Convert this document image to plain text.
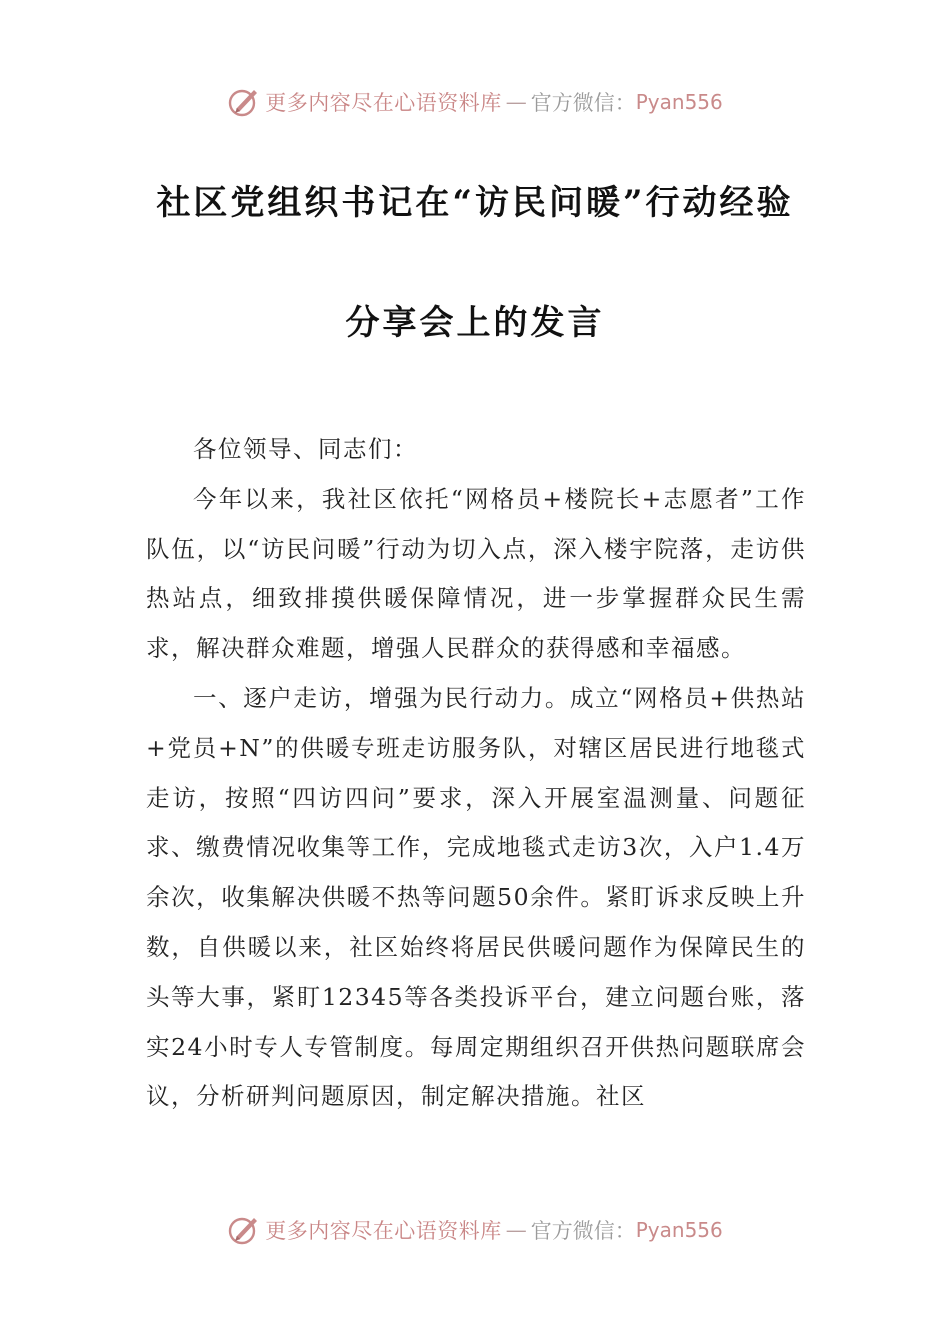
更多内容尽在心语资料库 — 官方微信： Pyan556
社区党组织书记在“访民问暖”行动经验
分享会上的发言

各位领导、同志们：

今年以来，我社区依托“网格员+楼院长+志愿者”工作队伍，以“访民问暖”行动为切入点，深入楼宇院落，走访供热站点，细致排摸供暖保障情况，进一步掌握群众民生需求，解决群众难题，增强人民群众的获得感和幸福感。

一、逐户走访，增强为民行动力。成立“网格员+供热站+党员+N”的供暖专班走访服务队，对辖区居民进行地毯式走访，按照“四访四问”要求，深入开展室温测量、问题征求、缴费情况收集等工作，完成地毯式走访3次，入户1.4万余次，收集解决供暖不热等问题50余件。紧盯诉求反映上升数，自供暖以来，社区始终将居民供暖问题作为保障民生的头等大事，紧盯12345等各类投诉平台，建立问题台账，落实24小时专人专管制度。每周定期组织召开供热问题联席会议，分析研判问题原因，制定解决措施。社区

更多内容尽在心语资料库 — 官方微信： Pyan556
